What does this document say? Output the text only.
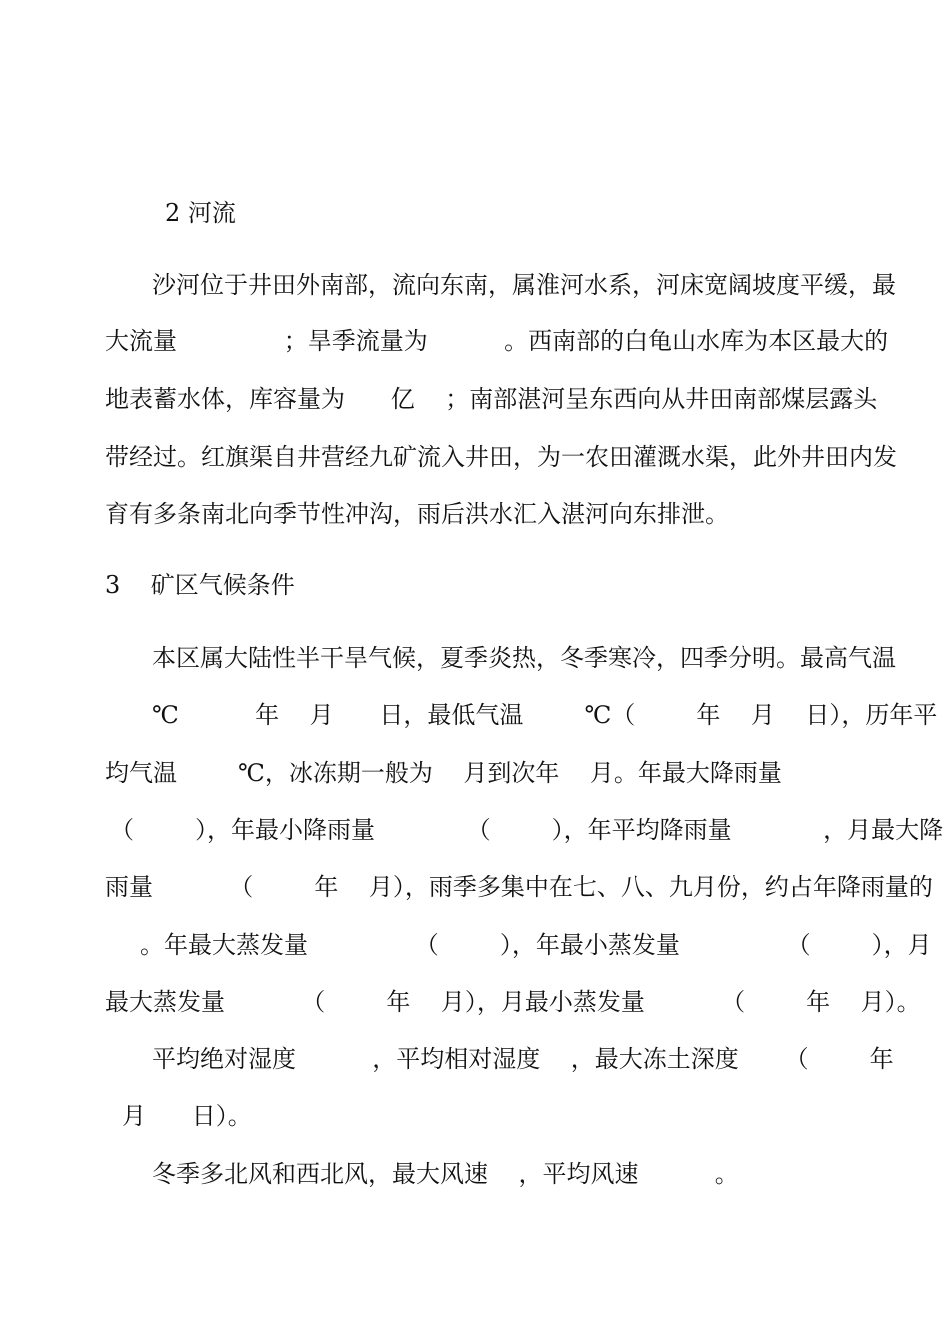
2 河流

沙河位于井田外南部，流向东南，属淮河水系，河床宽阔坡度平缓，最

大流量              ；旱季流量为          。西南部的白龟山水库为本区最大的

地表蓄水体，库容量为      亿    ；南部湛河呈东西向从井田南部煤层露头

带经过。红旗渠自井营经九矿流入井田，为一农田灌溉水渠，此外井田内发

育有多条南北向季节性冲沟，雨后洪水汇入湛河向东排泄。

3    矿区气候条件

本区属大陆性半干旱气候，夏季炎热，冬季寒冷，四季分明。最高气温

℃          年    月      日，最低气温        ℃（        年    月    日），历年平

均气温        ℃，冰冻期一般为    月到次年    月。年最大降雨量

（        ），年最小降雨量            （        ），年平均降雨量            ，月最大降

雨量          （        年    月），雨季多集中在七、八、九月份，约占年降雨量的

。年最大蒸发量              （        ），年最小蒸发量              （        ），月

最大蒸发量          （        年    月），月最小蒸发量          （        年    月）。

平均绝对湿度          ，平均相对湿度    ，最大冻土深度      （        年

月      日）。

冬季多北风和西北风，最大风速    ，平均风速          。
